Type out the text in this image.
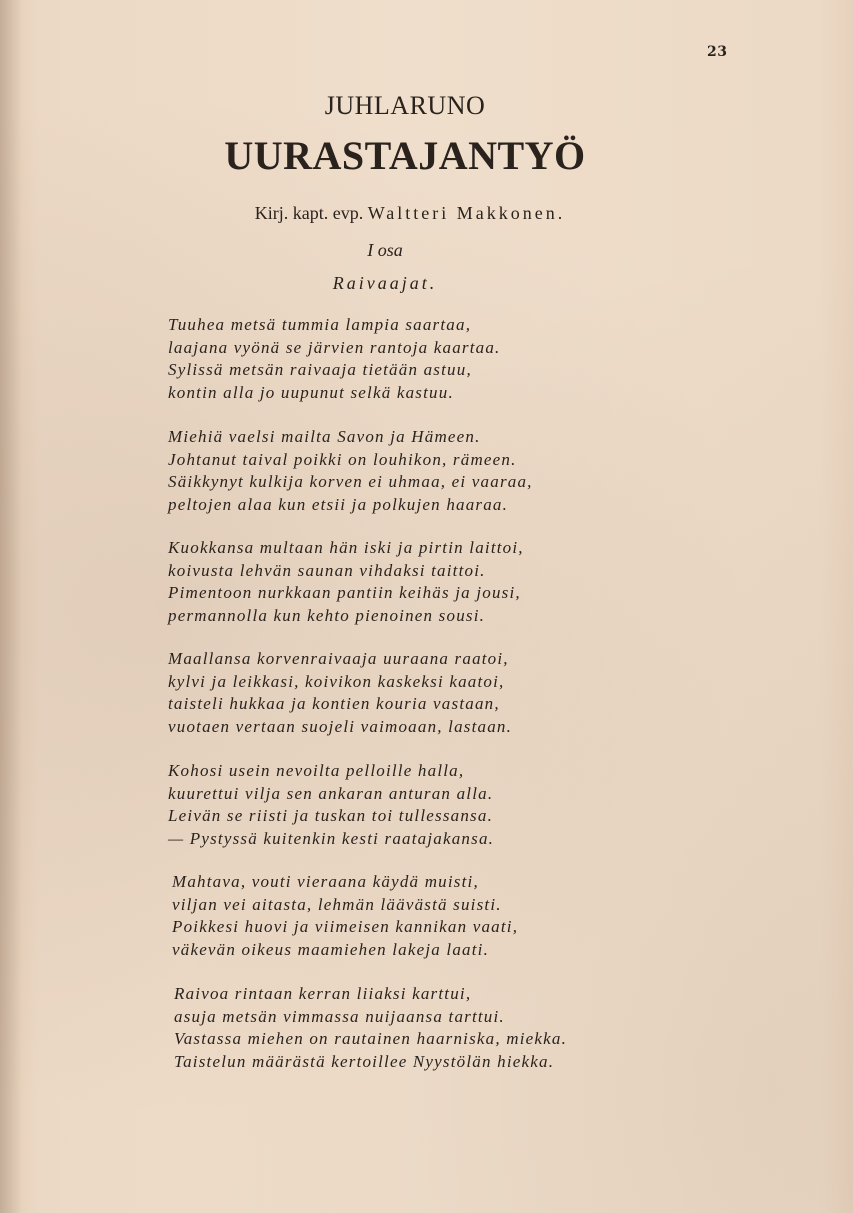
23
JUHLARUNO
UURASTAJANTYÖ
Kirj. kapt. evp. Waltteri Makkonen.
I osa
Raivaajat.
Tuuhea metsä tummia lampia saartaa,
laajana vyönä se järvien rantoja kaartaa.
Sylissä metsän raivaaja tietään astuu,
kontin alla jo uupunut selkä kastuu.
Miehiä vaelsi mailta Savon ja Hämeen.
Johtanut taival poikki on louhikon, rämeen.
Säikkynyt kulkija korven ei uhmaa, ei vaaraa,
peltojen alaa kun etsii ja polkujen haaraa.
Kuokkansa multaan hän iski ja pirtin laittoi,
koivusta lehvän saunan vihdaksi taittoi.
Pimentoon nurkkaan pantiin keihäs ja jousi,
permannolla kun kehto pienoinen sousi.
Maallansa korvenraivaaja uuraana raatoi,
kylvi ja leikkasi, koivikon kaskeksi kaatoi,
taisteli hukkaa ja kontien kouria vastaan,
vuotaen vertaan suojeli vaimoaan, lastaan.
Kohosi usein nevoilta pelloille halla,
kuurettui vilja sen ankaran anturan alla.
Leivän se riisti ja tuskan toi tullessansa.
— Pystyssä kuitenkin kesti raatajakansa.
Mahtava, vouti vieraana käydä muisti,
viljan vei aitasta, lehmän läävästä suisti.
Poikkesi huovi ja viimeisen kannikan vaati,
väkevän oikeus maamiehen lakeja laati.
Raivoa rintaan kerran liiaksi karttui,
asuja metsän vimmassa nuijaansa tarttui.
Vastassa miehen on rautainen haarniska, miekka.
Taistelun määrästä kertoillee Nyystölän hiekka.
